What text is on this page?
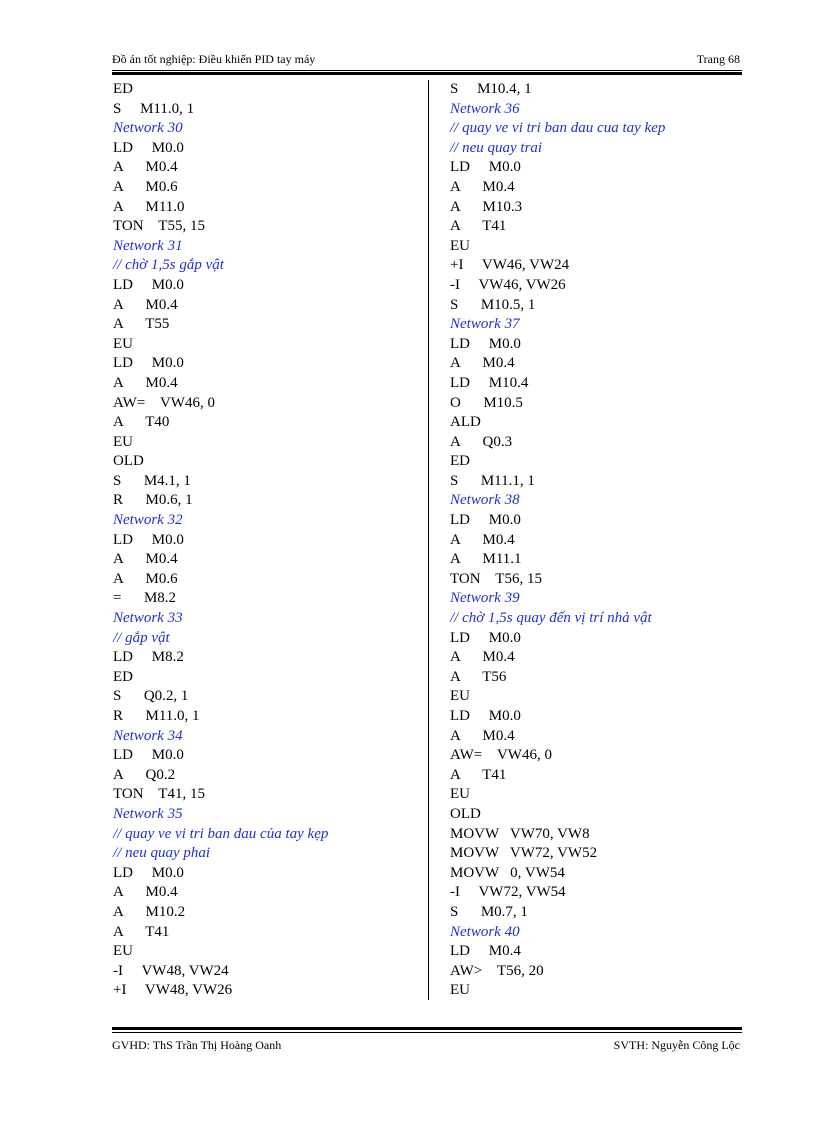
Đồ án tốt nghiệp: Điều khiển PID tay máy	Trang 68
ED
S     M11.0, 1
Network 30
LD     M0.0
A      M0.4
A      M0.6
A      M11.0
TON    T55, 15
Network 31
// chờ 1,5s gắp vật
LD     M0.0
A      M0.4
A      T55
EU
LD     M0.0
A      M0.4
AW=    VW46, 0
A      T40
EU
OLD
S      M4.1, 1
R      M0.6, 1
Network 32
LD     M0.0
A      M0.4
A      M0.6
=      M8.2
Network 33
// gắp vật
LD     M8.2
ED
S      Q0.2, 1
R      M11.0, 1
Network 34
LD     M0.0
A      Q0.2
TON    T41, 15
Network 35
// quay ve vi tri ban dau của tay kẹp
// neu quay phai
LD     M0.0
A      M0.4
A      M10.2
A      T41
EU
-I     VW48, VW24
+I     VW48, VW26
S     M10.4, 1
Network 36
// quay ve vi tri ban dau cua tay kep
// neu quay trai
LD     M0.0
A      M0.4
A      M10.3
A      T41
EU
+I     VW46, VW24
-I     VW46, VW26
S      M10.5, 1
Network 37
LD     M0.0
A      M0.4
LD     M10.4
O      M10.5
ALD
A      Q0.3
ED
S      M11.1, 1
Network 38
LD     M0.0
A      M0.4
A      M11.1
TON    T56, 15
Network 39
// chờ 1,5s quay đến vị trí nhả vật
LD     M0.0
A      M0.4
A      T56
EU
LD     M0.0
A      M0.4
AW=    VW46, 0
A      T41
EU
OLD
MOVW   VW70, VW8
MOVW   VW72, VW52
MOVW   0, VW54
-I     VW72, VW54
S      M0.7, 1
Network 40
LD     M0.4
AW>    T56, 20
EU
GVHD: ThS Trần Thị Hoàng Oanh	SVTH: Nguyễn Công Lộc
